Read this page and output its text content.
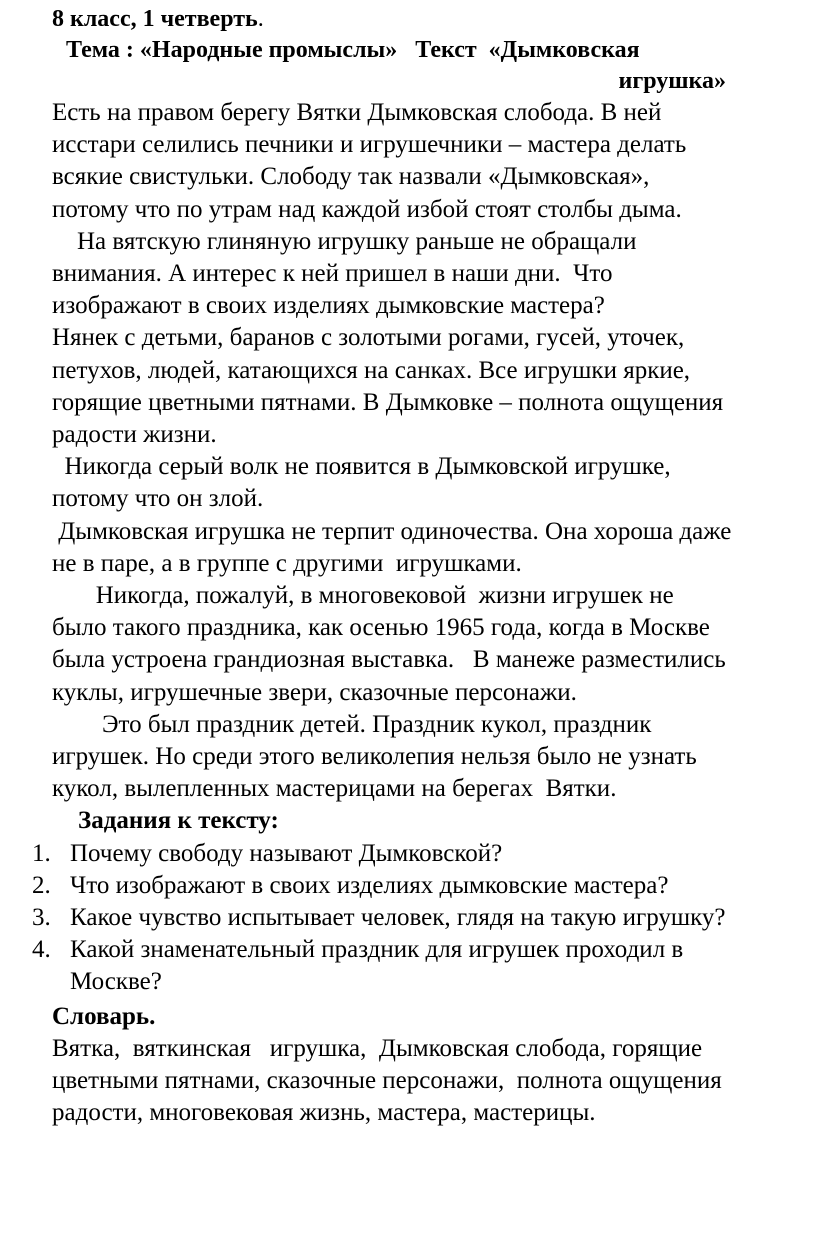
8 класс, 1 четверть.
Тема : «Народные промыслы»   Текст  «Дымковская
игрушка»
Есть на правом берегу Вятки Дымковская слобода. В ней
исстари селились печники и игрушечники – мастера делать
всякие свистульки. Слободу так назвали «Дымковская»,
потому что по утрам над каждой избой стоят столбы дыма.
На вятскую глиняную игрушку раньше не обращали
внимания. А интерес к ней пришел в наши дни.  Что
изображают в своих изделиях дымковские мастера?
Нянек с детьми, баранов с золотыми рогами, гусей, уточек,
петухов, людей, катающихся на санках. Все игрушки яркие,
горящие цветными пятнами. В Дымковке – полнота ощущения
радости жизни.
Никогда серый волк не появится в Дымковской игрушке,
потому что он злой.
Дымковская игрушка не терпит одиночества. Она хороша даже
не в паре, а в группе с другими  игрушками.
Никогда, пожалуй, в многовековой  жизни игрушек не
было такого праздника, как осенью 1965 года, когда в Москве
была устроена грандиозная выставка.   В манеже разместились
куклы, игрушечные звери, сказочные персонажи.
Это был праздник детей. Праздник кукол, праздник
игрушек. Но среди этого великолепия нельзя было не узнать
кукол, вылепленных мастерицами на берегах  Вятки.
Задания к тексту:
1. Почему свободу называют Дымковской?
2. Что изображают в своих изделиях дымковские мастера?
3. Какое чувство испытывает человек, глядя на такую игрушку?
4. Какой знаменательный праздник для игрушек проходил в
Москве?
Словарь.
Вятка,  вяткинская   игрушка,  Дымковская слобода, горящие
цветными пятнами, сказочные персонажи,  полнота ощущения
радости, многовековая жизнь, мастера, мастерицы.
